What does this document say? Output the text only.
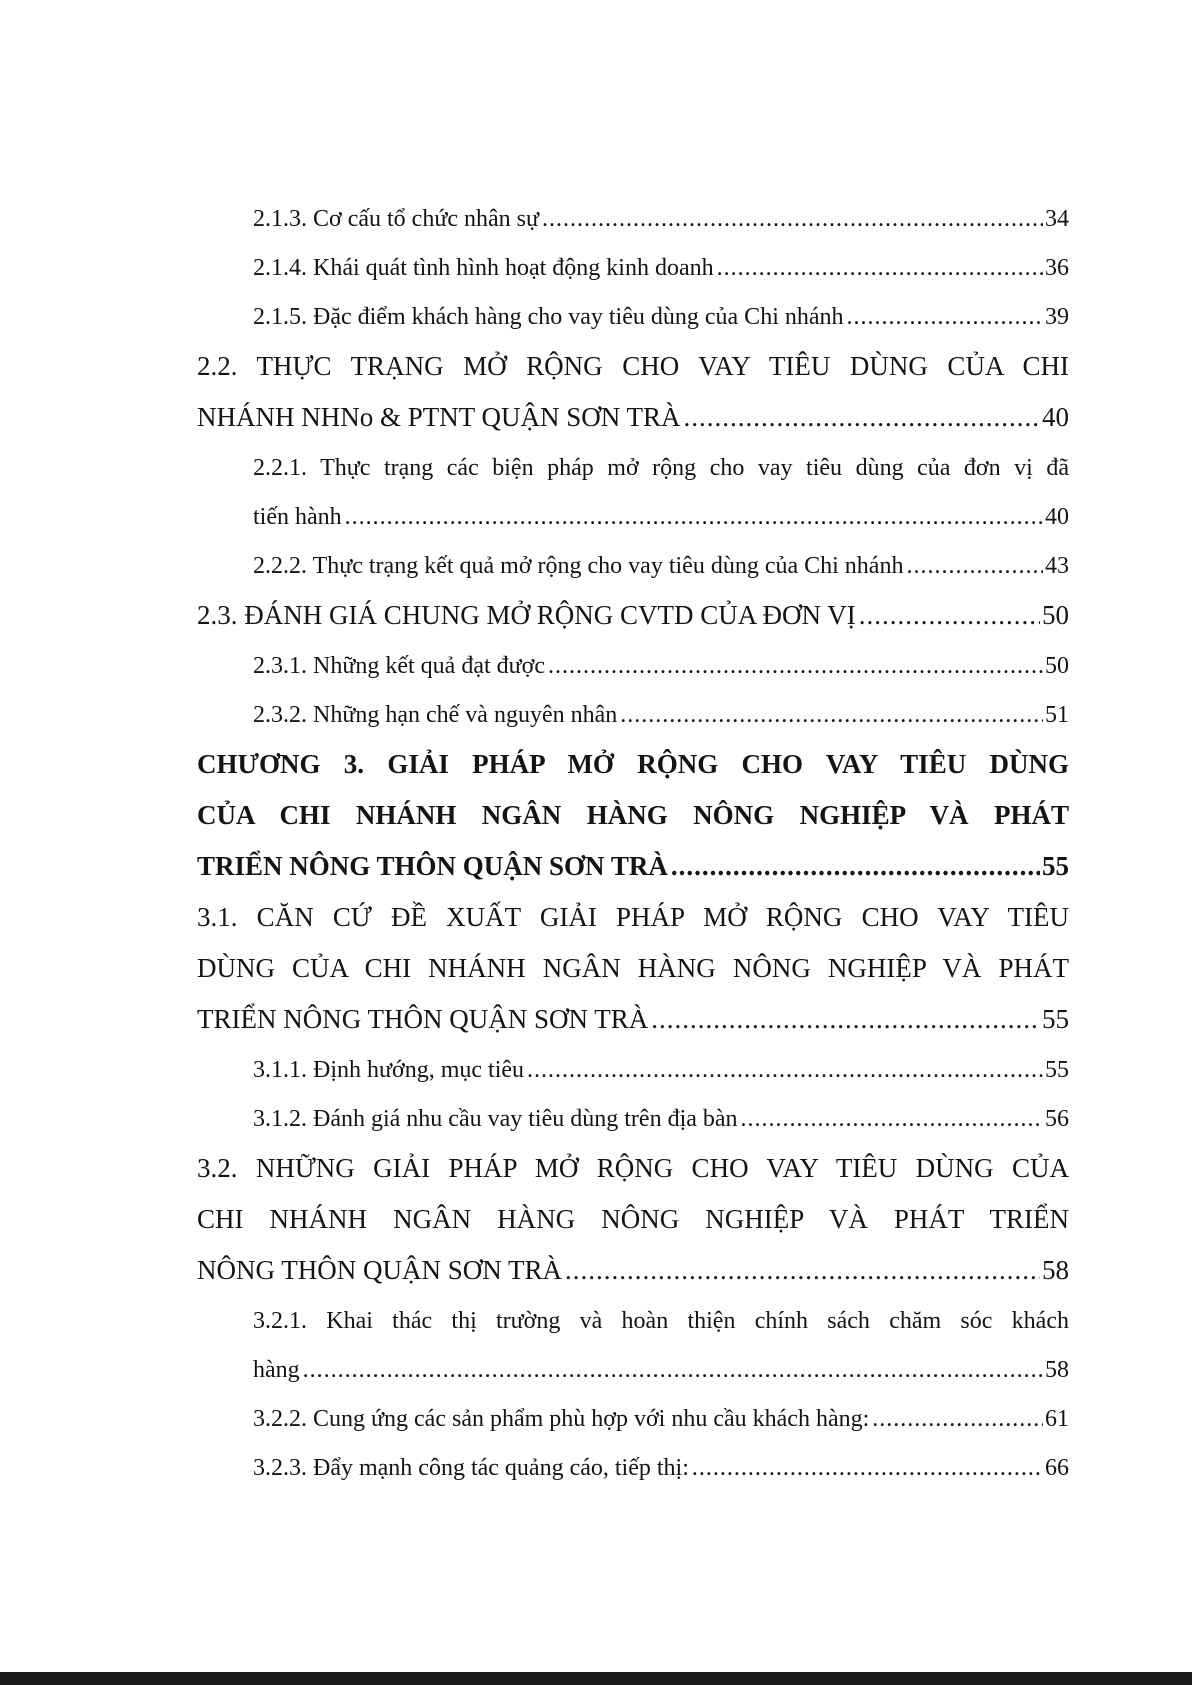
2.1.3. Cơ cấu tổ chức nhân sự .....	34
2.1.4. Khái quát tình hình hoạt động kinh doanh .....	36
2.1.5. Đặc điểm khách hàng cho vay tiêu dùng của Chi nhánh .....	39
2.2. THỰC TRẠNG MỞ RỘNG CHO VAY TIÊU DÙNG CỦA CHI
NHÁNH NHNo & PTNT QUẬN SƠN TRÀ .....	40
2.2.1. Thực trạng các biện pháp mở rộng cho vay tiêu dùng của đơn vị đã
tiến hành .....	40
2.2.2. Thực trạng kết quả mở rộng cho vay tiêu dùng của Chi nhánh .....	43
2.3. ĐÁNH GIÁ CHUNG MỞ RỘNG CVTD CỦA ĐƠN VỊ .....	50
2.3.1. Những kết quả đạt được .....	50
2.3.2. Những hạn chế và nguyên nhân .....	51
CHƯƠNG 3. GIẢI PHÁP MỞ RỘNG CHO VAY TIÊU DÙNG
CỦA CHI NHÁNH NGÂN HÀNG NÔNG NGHIỆP VÀ PHÁT
TRIỂN NÔNG THÔN QUẬN SƠN TRÀ .....	55
3.1. CĂN CỨ ĐỀ XUẤT GIẢI PHÁP MỞ RỘNG CHO VAY TIÊU
DÙNG CỦA CHI NHÁNH NGÂN HÀNG NÔNG NGHIỆP VÀ PHÁT
TRIỂN NÔNG THÔN QUẬN SƠN TRÀ .....	55
3.1.1. Định hướng, mục tiêu .....	55
3.1.2. Đánh giá nhu cầu vay tiêu dùng trên địa bàn .....	56
3.2. NHỮNG GIẢI PHÁP MỞ RỘNG CHO VAY TIÊU DÙNG CỦA
CHI NHÁNH NGÂN HÀNG NÔNG NGHIỆP VÀ PHÁT TRIỂN
NÔNG THÔN QUẬN SƠN TRÀ .....	58
3.2.1. Khai thác thị trường và hoàn thiện chính sách chăm sóc khách
hàng .....	58
3.2.2. Cung ứng các sản phẩm phù hợp với nhu cầu khách hàng: .....	61
3.2.3. Đẩy mạnh công tác quảng cáo, tiếp thị: .....	66
